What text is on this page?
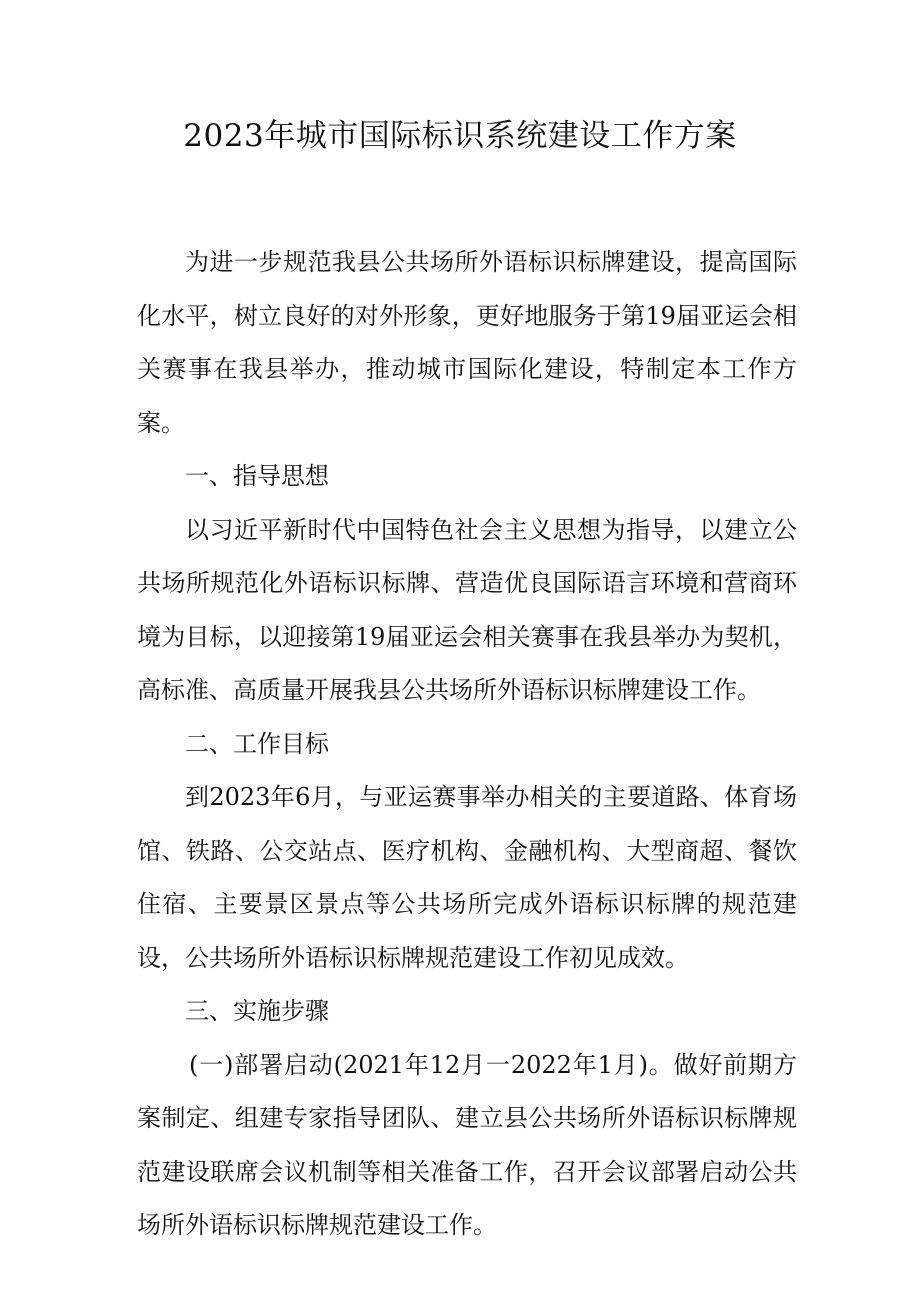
2023年城市国际标识系统建设工作方案

为进一步规范我县公共场所外语标识标牌建设，提高国际化水平，树立良好的对外形象，更好地服务于第19届亚运会相关赛事在我县举办，推动城市国际化建设，特制定本工作方案。

一、指导思想

以习近平新时代中国特色社会主义思想为指导，以建立公共场所规范化外语标识标牌、营造优良国际语言环境和营商环境为目标，以迎接第19届亚运会相关赛事在我县举办为契机，高标准、高质量开展我县公共场所外语标识标牌建设工作。

二、工作目标

到2023年6月，与亚运赛事举办相关的主要道路、体育场馆、铁路、公交站点、医疗机构、金融机构、大型商超、餐饮住宿、主要景区景点等公共场所完成外语标识标牌的规范建设，公共场所外语标识标牌规范建设工作初见成效。

三、实施步骤

(一)部署启动(2021年12月一2022年1月)。做好前期方案制定、组建专家指导团队、建立县公共场所外语标识标牌规范建设联席会议机制等相关准备工作，召开会议部署启动公共场所外语标识标牌规范建设工作。
